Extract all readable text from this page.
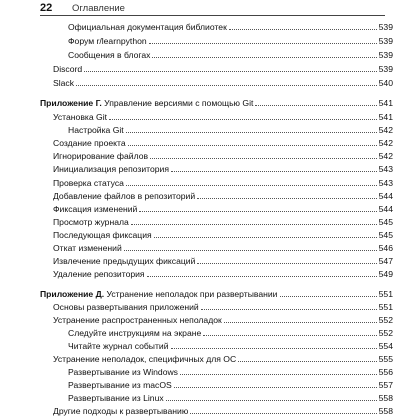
22	Оглавление
Официальная документация библиотек	539
Форум r/learnpython	539
Сообщения в блогах	539
Discord	539
Slack	540
Приложение Г. Управление версиями с помощью Git	541
Установка Git	541
Настройка Git	542
Создание проекта	542
Игнорирование файлов	542
Инициализация репозитория	543
Проверка статуса	543
Добавление файлов в репозиторий	544
Фиксация изменений	544
Просмотр журнала	545
Последующая фиксация	545
Откат изменений	546
Извлечение предыдущих фиксаций	547
Удаление репозитория	549
Приложение Д. Устранение неполадок при развертывании	551
Основы развертывания приложений	551
Устранение распространенных неполадок	552
Следуйте инструкциям на экране	552
Читайте журнал событий	554
Устранение неполадок, специфичных для ОС	555
Развертывание из Windows	556
Развертывание из macOS	557
Развертывание из Linux	558
Другие подходы к развертыванию	558
